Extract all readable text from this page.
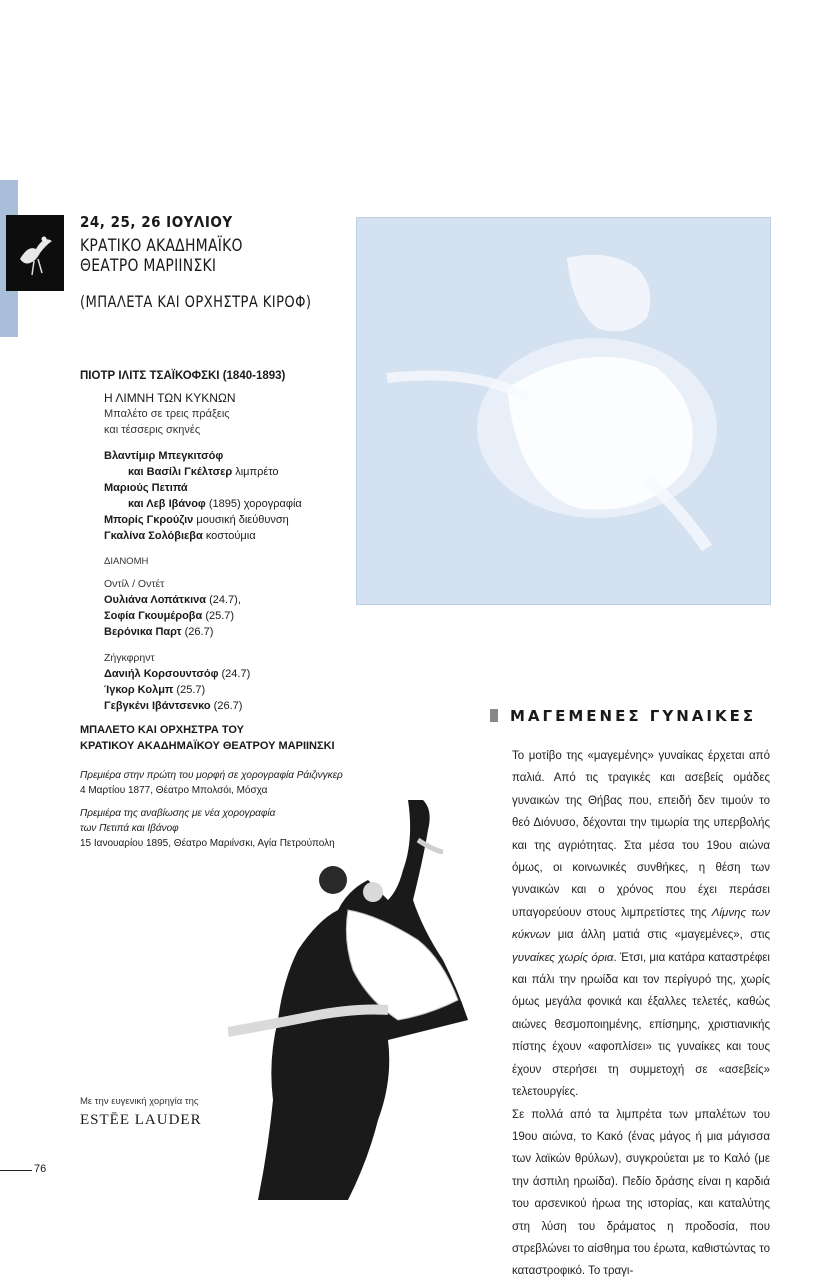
24, 25, 26 ΙΟΥΛΙΟΥ
ΚΡΑΤΙΚΟ ΑΚΑΔΗΜΑΪΚΟ
ΘΕΑΤΡΟ ΜΑΡΙΙΝΣΚΙ
(ΜΠΑΛΕΤΑ ΚΑΙ ΟΡΧΗΣΤΡΑ ΚΙΡΟΦ)
ΠΙΟΤΡ ΙΛΙΤΣ ΤΣΑΪΚΟΦΣΚΙ (1840-1893)
Η ΛΙΜΝΗ ΤΩΝ ΚΥΚΝΩΝ
Μπαλέτο σε τρεις πράξεις
και τέσσερις σκηνές
Βλαντίμιρ Μπεγκιτσόφ
και Βασίλι Γκέλτσερ λιμπρέτο
Μαριούς Πετιπά
και Λεβ Ιβάνοφ (1895) χορογραφία
Μπορίς Γκρούζιν μουσική διεύθυνση
Γκαλίνα Σολόβιεβα κοστούμια
ΔΙΑΝΟΜΗ
Οντίλ / Οντέτ
Ουλιάνα Λοπάτκινα (24.7),
Σοφία Γκουμέροβα (25.7)
Βερόνικα Παρτ (26.7)
Ζήγκφρηντ
Δανιήλ Κορσουντσόφ (24.7)
Ίγκορ Κολμπ (25.7)
Γεβγκένι Ιβάντσενκο (26.7)
ΜΠΑΛΕΤΟ ΚΑΙ ΟΡΧΗΣΤΡΑ ΤΟΥ
ΚΡΑΤΙΚΟΥ ΑΚΑΔΗΜΑΪΚΟΥ ΘΕΑΤΡΟΥ ΜΑΡΙΙΝΣΚΙ
Πρεμιέρα στην πρώτη του μορφή σε χορογραφία Ράιζινγκερ
4 Μαρτίου 1877, Θέατρο Μπολσόι, Μόσχα
Πρεμιέρα της αναβίωσης με νέα χορογραφία
των Πετιπά και Ιβάνοφ
15 Ιανουαρίου 1895, Θέατρο Μαριίνσκι, Αγία Πετρούπολη
ΜΑΓΕΜΕΝΕΣ ΓΥΝΑΙΚΕΣ

Το μοτίβο της «μαγεμένης» γυναίκας έρχεται από παλιά. Από τις τραγικές και ασεβείς ομάδες γυναικών της Θήβας που, επειδή δεν τιμούν το θεό Διόνυσο, δέχονται την τιμωρία της υπερβολής και της αγριότητας. Στα μέσα του 19ου αιώνα όμως, οι κοινωνικές συνθήκες, η θέση των γυναικών και ο χρόνος που έχει περάσει υπαγορεύουν στους λιμπρετίστες της Λίμνης των κύκνων μια άλλη ματιά στις «μαγεμένες», στις γυναίκες χωρίς όρια. Έτσι, μια κατάρα καταστρέφει και πάλι την ηρωίδα και τον περίγυρό της, χωρίς όμως μεγάλα φονικά και έξαλλες τελετές, καθώς αιώνες θεσμοποιημένης, επίσημης, χριστιανικής πίστης έχουν «αφοπλίσει» τις γυναίκες και τους έχουν στερήσει τη συμμετοχή σε «ασεβείς» τελετουργίες.

Σε πολλά από τα λιμπρέτα των μπαλέτων του 19ου αιώνα, το Κακό (ένας μάγος ή μια μάγισσα των λαϊκών θρύλων), συγκρούεται με το Καλό (με την άσπιλη ηρωίδα). Πεδίο δράσης είναι η καρδιά του αρσενικού ήρωα της ιστορίας, και καταλύτης στη λύση του δράματος η προδοσία, που στρεβλώνει το αίσθημα του έρωτα, καθιστώντας το καταστροφικό. Το τραγι-

Με την ευγενική χορηγία της
ESTĒE LAUDER
76
